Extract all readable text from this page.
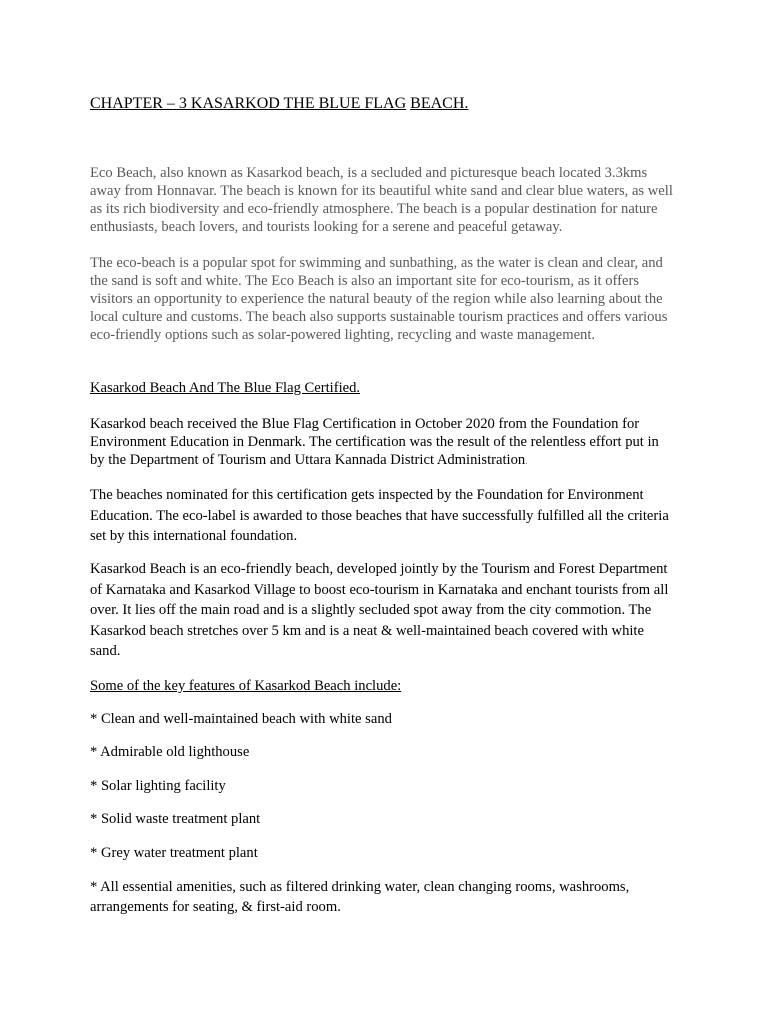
CHAPTER – 3 KASARKOD THE BLUE FLAG BEACH.

Eco Beach, also known as Kasarkod beach, is a secluded and picturesque beach located 3.3kms away from Honnavar. The beach is known for its beautiful white sand and clear blue waters, as well as its rich biodiversity and eco-friendly atmosphere. The beach is a popular destination for nature enthusiasts, beach lovers, and tourists looking for a serene and peaceful getaway.

The eco-beach is a popular spot for swimming and sunbathing, as the water is clean and clear, and the sand is soft and white. The Eco Beach is also an important site for eco-tourism, as it offers visitors an opportunity to experience the natural beauty of the region while also learning about the local culture and customs. The beach also supports sustainable tourism practices and offers various eco-friendly options such as solar-powered lighting, recycling and waste management.

Kasarkod Beach And The Blue Flag Certified.

Kasarkod beach received the Blue Flag Certification in October 2020 from the Foundation for Environment Education in Denmark. The certification was the result of the relentless effort put in by the Department of Tourism and Uttara Kannada District Administration.

The beaches nominated for this certification gets inspected by the Foundation for Environment Education. The eco-label is awarded to those beaches that have successfully fulfilled all the criteria set by this international foundation.

Kasarkod Beach is an eco-friendly beach, developed jointly by the Tourism and Forest Department of Karnataka and Kasarkod Village to boost eco-tourism in Karnataka and enchant tourists from all over. It lies off the main road and is a slightly secluded spot away from the city commotion. The Kasarkod beach stretches over 5 km and is a neat & well-maintained beach covered with white sand.

Some of the key features of Kasarkod Beach include:

* Clean and well-maintained beach with white sand

* Admirable old lighthouse

* Solar lighting facility

* Solid waste treatment plant

* Grey water treatment plant

* All essential amenities, such as filtered drinking water, clean changing rooms, washrooms, arrangements for seating, & first-aid room.
